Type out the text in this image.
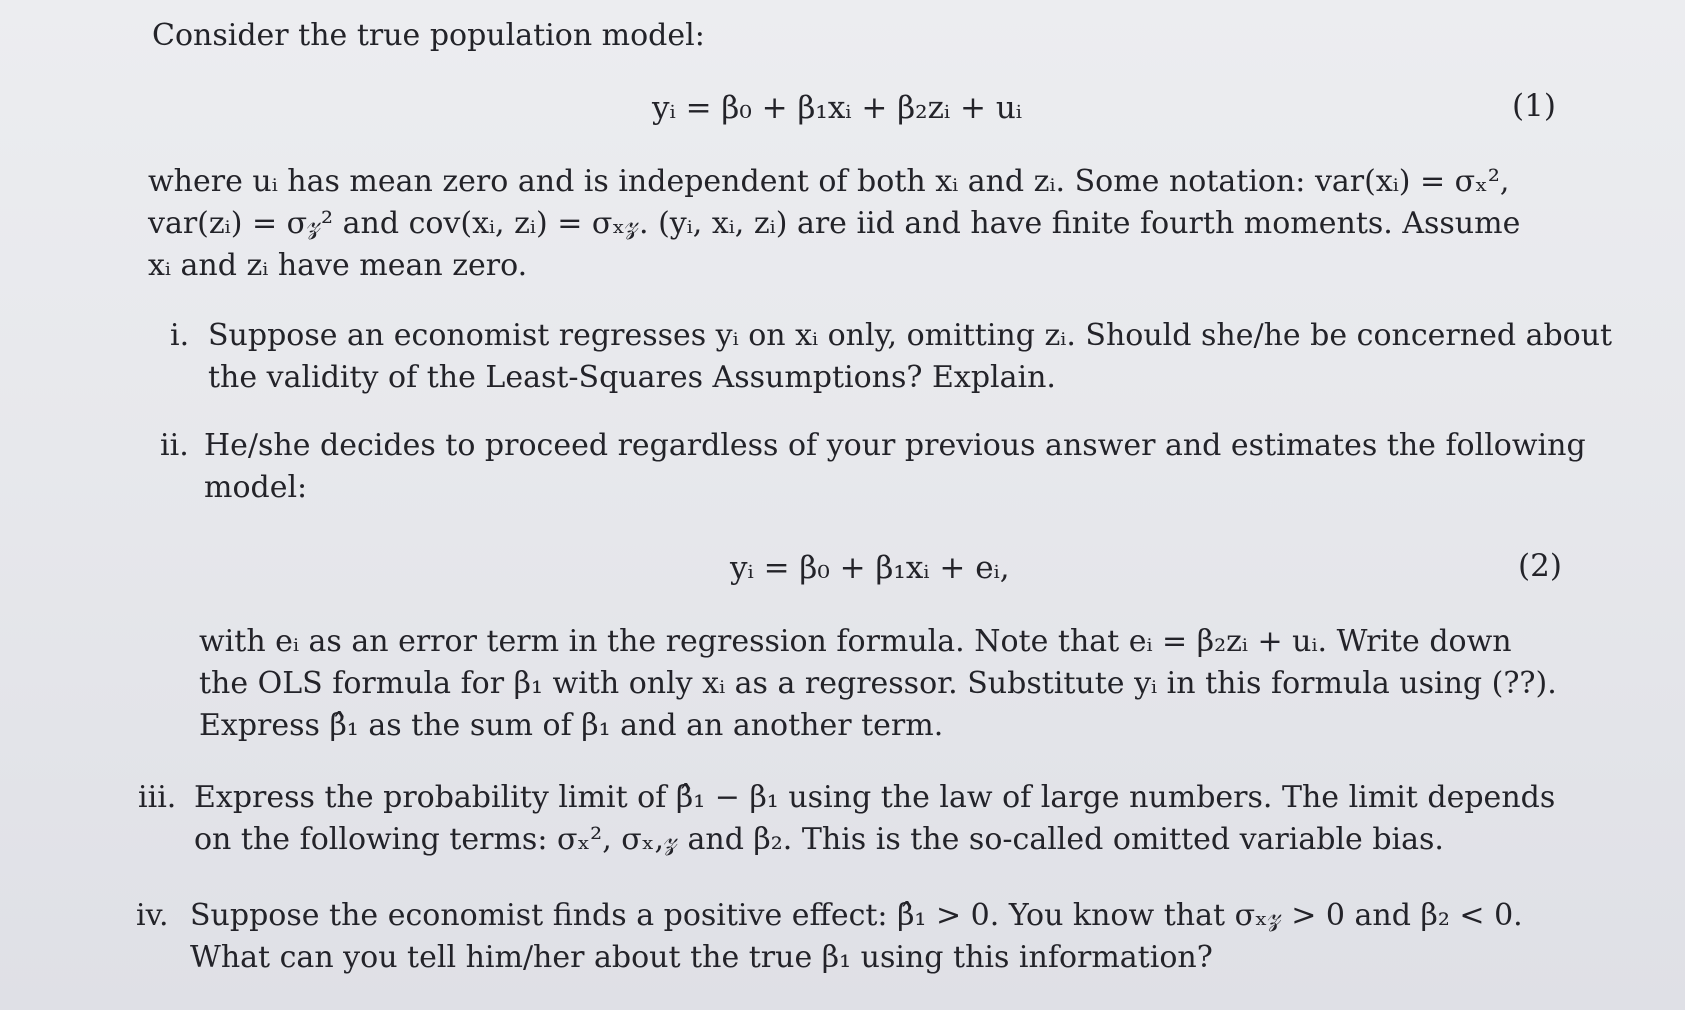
Consider the true population model:
yᵢ = β₀ + β₁xᵢ + β₂zᵢ + uᵢ	(1)
where uᵢ has mean zero and is independent of both xᵢ and zᵢ. Some notation: var(xᵢ) = σₓ²,
var(zᵢ) = σ𝓏² and cov(xᵢ, zᵢ) = σₓ𝓏. (yᵢ, xᵢ, zᵢ) are iid and have finite fourth moments. Assume
xᵢ and zᵢ have mean zero.
i. Suppose an economist regresses yᵢ on xᵢ only, omitting zᵢ. Should she/he be concerned about
the validity of the Least-Squares Assumptions? Explain.
ii. He/she decides to proceed regardless of your previous answer and estimates the following
model:
yᵢ = β₀ + β₁xᵢ + eᵢ,	(2)
with eᵢ as an error term in the regression formula. Note that eᵢ = β₂zᵢ + uᵢ. Write down
the OLS formula for β₁ with only xᵢ as a regressor. Substitute yᵢ in this formula using (??).
Express β̂₁ as the sum of β₁ and an another term.
iii. Express the probability limit of β̂₁ − β₁ using the law of large numbers. The limit depends
on the following terms: σₓ², σₓ,𝓏 and β₂. This is the so-called omitted variable bias.
iv. Suppose the economist finds a positive effect: β̂₁ > 0. You know that σₓ𝓏 > 0 and β₂ < 0.
What can you tell him/her about the true β₁ using this information?
